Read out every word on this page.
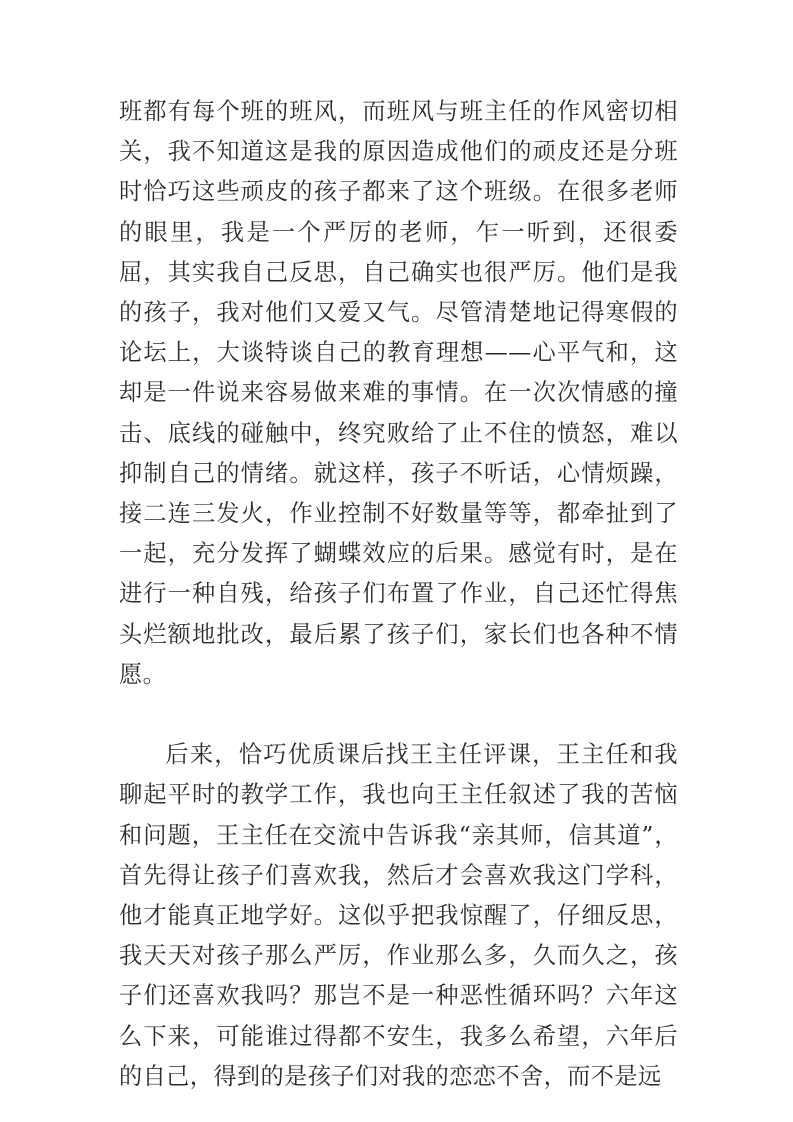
班都有每个班的班风，而班风与班主任的作风密切相关，我不知道这是我的原因造成他们的顽皮还是分班时恰巧这些顽皮的孩子都来了这个班级。在很多老师的眼里，我是一个严厉的老师，乍一听到，还很委屈，其实我自己反思，自己确实也很严厉。他们是我的孩子，我对他们又爱又气。尽管清楚地记得寒假的论坛上，大谈特谈自己的教育理想——心平气和，这却是一件说来容易做来难的事情。在一次次情感的撞击、底线的碰触中，终究败给了止不住的愤怒，难以抑制自己的情绪。就这样，孩子不听话，心情烦躁，接二连三发火，作业控制不好数量等等，都牵扯到了一起，充分发挥了蝴蝶效应的后果。感觉有时，是在进行一种自残，给孩子们布置了作业，自己还忙得焦头烂额地批改，最后累了孩子们，家长们也各种不情愿。

后来，恰巧优质课后找王主任评课，王主任和我聊起平时的教学工作，我也向王主任叙述了我的苦恼和问题，王主任在交流中告诉我“亲其师，信其道”，首先得让孩子们喜欢我，然后才会喜欢我这门学科，他才能真正地学好。这似乎把我惊醒了，仔细反思，我天天对孩子那么严厉，作业那么多，久而久之，孩子们还喜欢我吗？那岂不是一种恶性循环吗？六年这么下来，可能谁过得都不安生，我多么希望，六年后的自己，得到的是孩子们对我的恋恋不舍，而不是远
